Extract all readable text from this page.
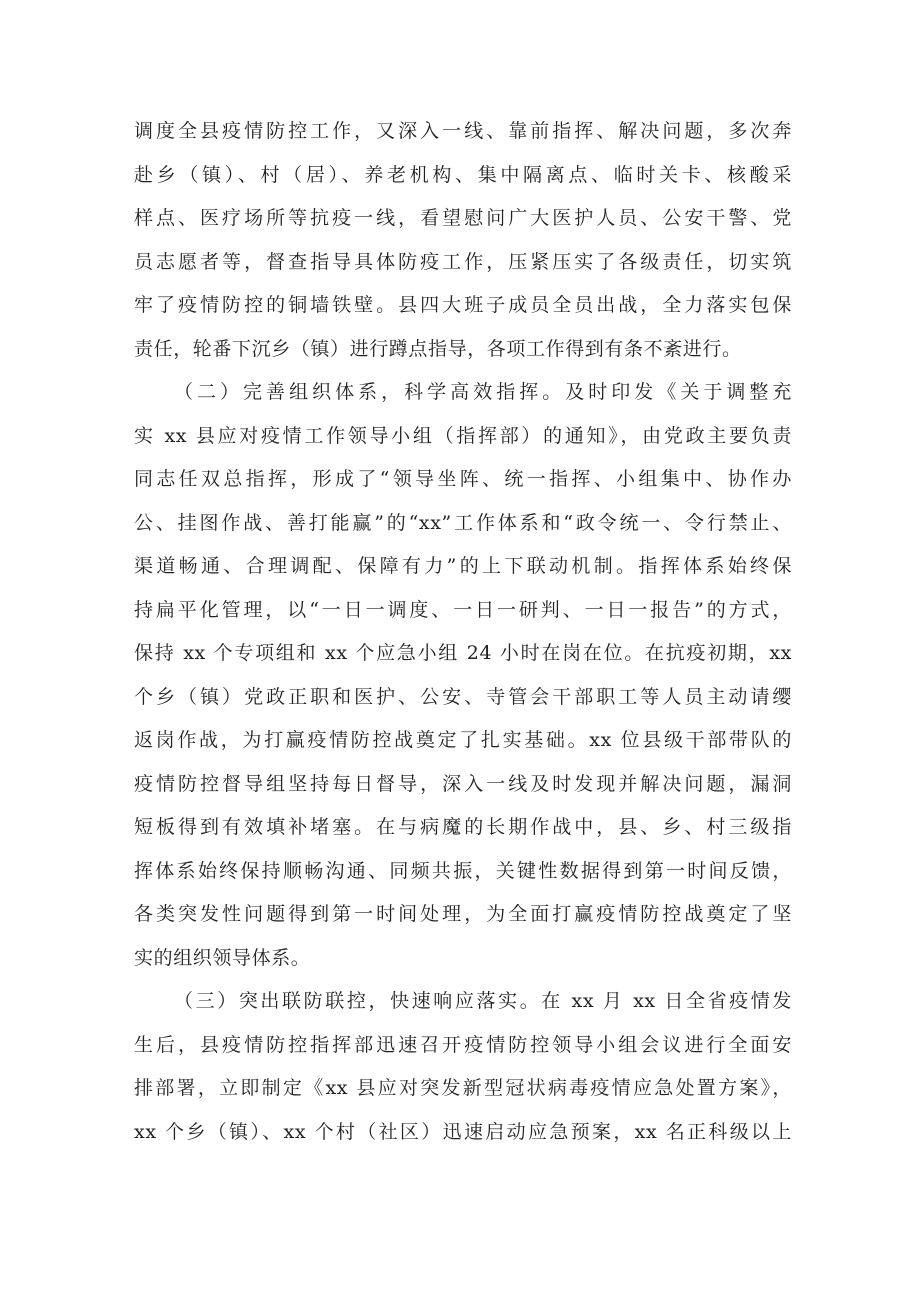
调度全县疫情防控工作，又深入一线、靠前指挥、解决问题，多次奔
赴乡（镇）、村（居）、养老机构、集中隔离点、临时关卡、核酸采
样点、医疗场所等抗疫一线，看望慰问广大医护人员、公安干警、党
员志愿者等，督查指导具体防疫工作，压紧压实了各级责任，切实筑
牢了疫情防控的铜墙铁壁。县四大班子成员全员出战，全力落实包保
责任，轮番下沉乡（镇）进行蹲点指导，各项工作得到有条不紊进行。
（二）完善组织体系，科学高效指挥。及时印发《关于调整充
实 xx 县应对疫情工作领导小组（指挥部）的通知》，由党政主要负责
同志任双总指挥，形成了“领导坐阵、统一指挥、小组集中、协作办
公、挂图作战、善打能赢”的“xx”工作体系和“政令统一、令行禁止、
渠道畅通、合理调配、保障有力”的上下联动机制。指挥体系始终保
持扁平化管理，以“一日一调度、一日一研判、一日一报告”的方式，
保持 xx 个专项组和 xx 个应急小组 24 小时在岗在位。在抗疫初期，xx
个乡（镇）党政正职和医护、公安、寺管会干部职工等人员主动请缨
返岗作战，为打赢疫情防控战奠定了扎实基础。xx 位县级干部带队的
疫情防控督导组坚持每日督导，深入一线及时发现并解决问题，漏洞
短板得到有效填补堵塞。在与病魔的长期作战中，县、乡、村三级指
挥体系始终保持顺畅沟通、同频共振，关键性数据得到第一时间反馈，
各类突发性问题得到第一时间处理，为全面打赢疫情防控战奠定了坚
实的组织领导体系。
（三）突出联防联控，快速响应落实。在 xx 月 xx 日全省疫情发
生后，县疫情防控指挥部迅速召开疫情防控领导小组会议进行全面安
排部署，立即制定《xx 县应对突发新型冠状病毒疫情应急处置方案》，
xx 个乡（镇）、xx 个村（社区）迅速启动应急预案，xx 名正科级以上
